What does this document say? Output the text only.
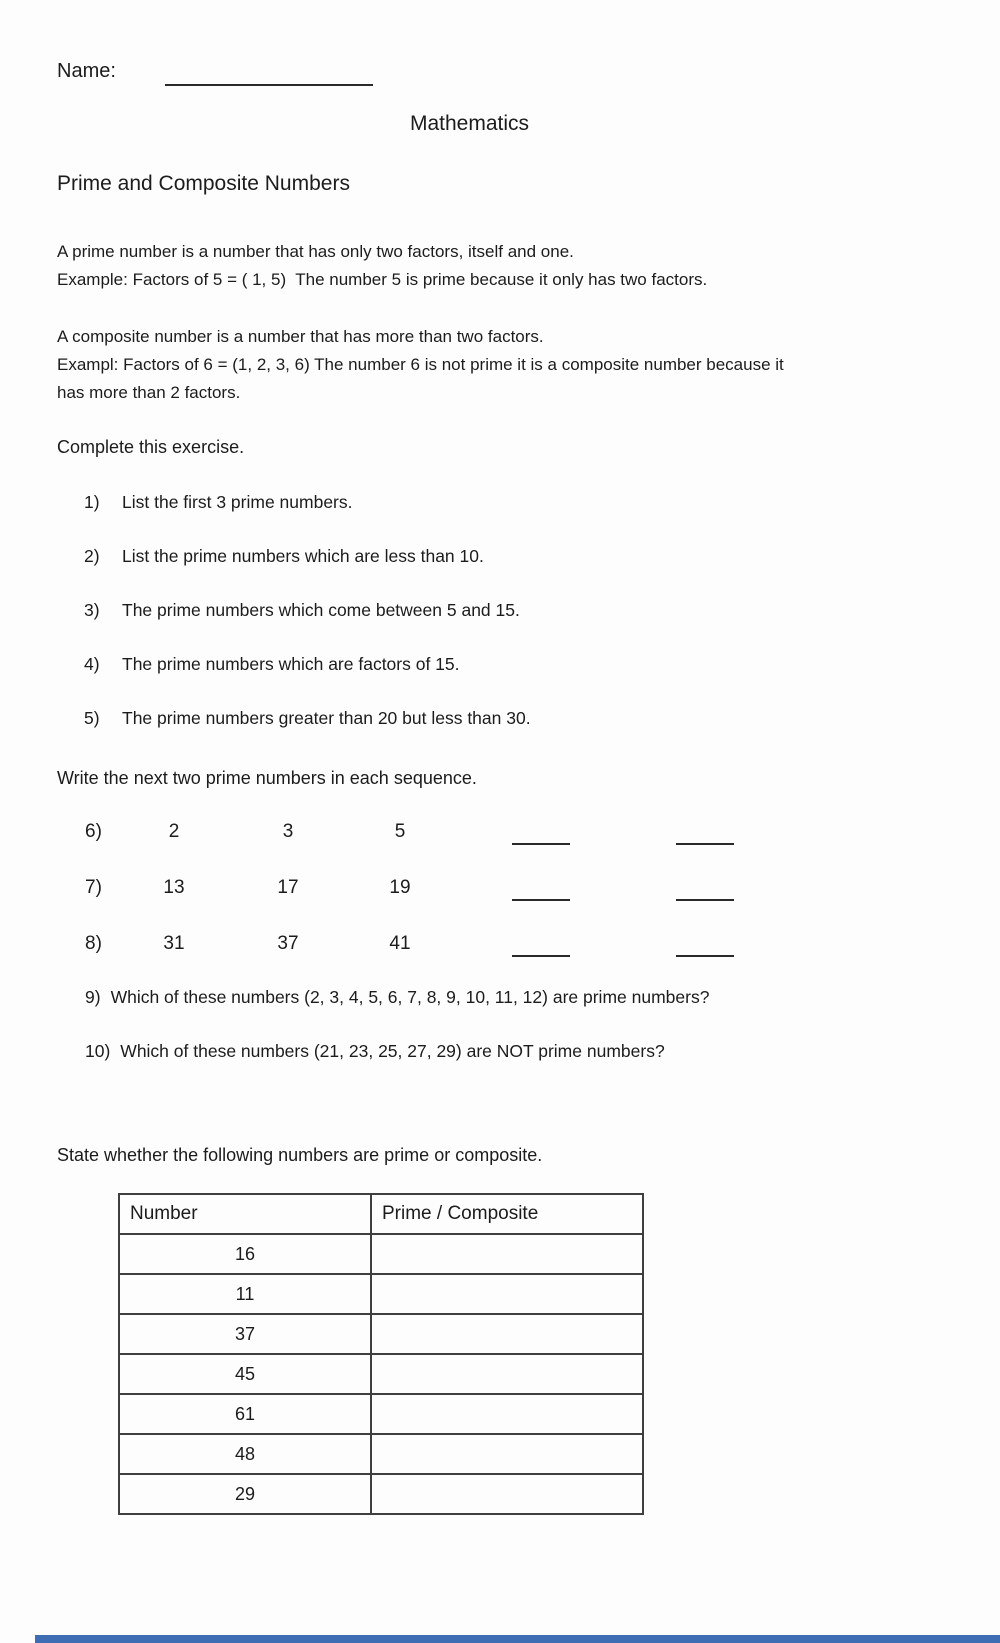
Name:
Mathematics
Prime and Composite Numbers
A prime number is a number that has only two factors, itself and one.
Example: Factors of 5 = ( 1, 5)  The number 5 is prime because it only has two factors.
A composite number is a number that has more than two factors.
Exampl: Factors of 6 = (1, 2, 3, 6) The number 6 is not prime it is a composite number because it
has more than 2 factors.
Complete this exercise.
1)	List the first 3 prime numbers.
2)	List the prime numbers which are less than 10.
3)	The prime numbers which come between 5 and 15.
4)	The prime numbers which are factors of 15.
5)	The prime numbers greater than 20 but less than 30.
Write the next two prime numbers in each sequence.
6)	2	3	5
7)	13	17	19
8)	31	37	41
9) Which of these numbers (2, 3, 4, 5, 6, 7, 8, 9, 10, 11, 12) are prime numbers?
10) Which of these numbers (21, 23, 25, 27, 29) are NOT prime numbers?
State whether the following numbers are prime or composite.
Number	Prime / Composite
16	
11	
37	
45	
61	
48	
29	
